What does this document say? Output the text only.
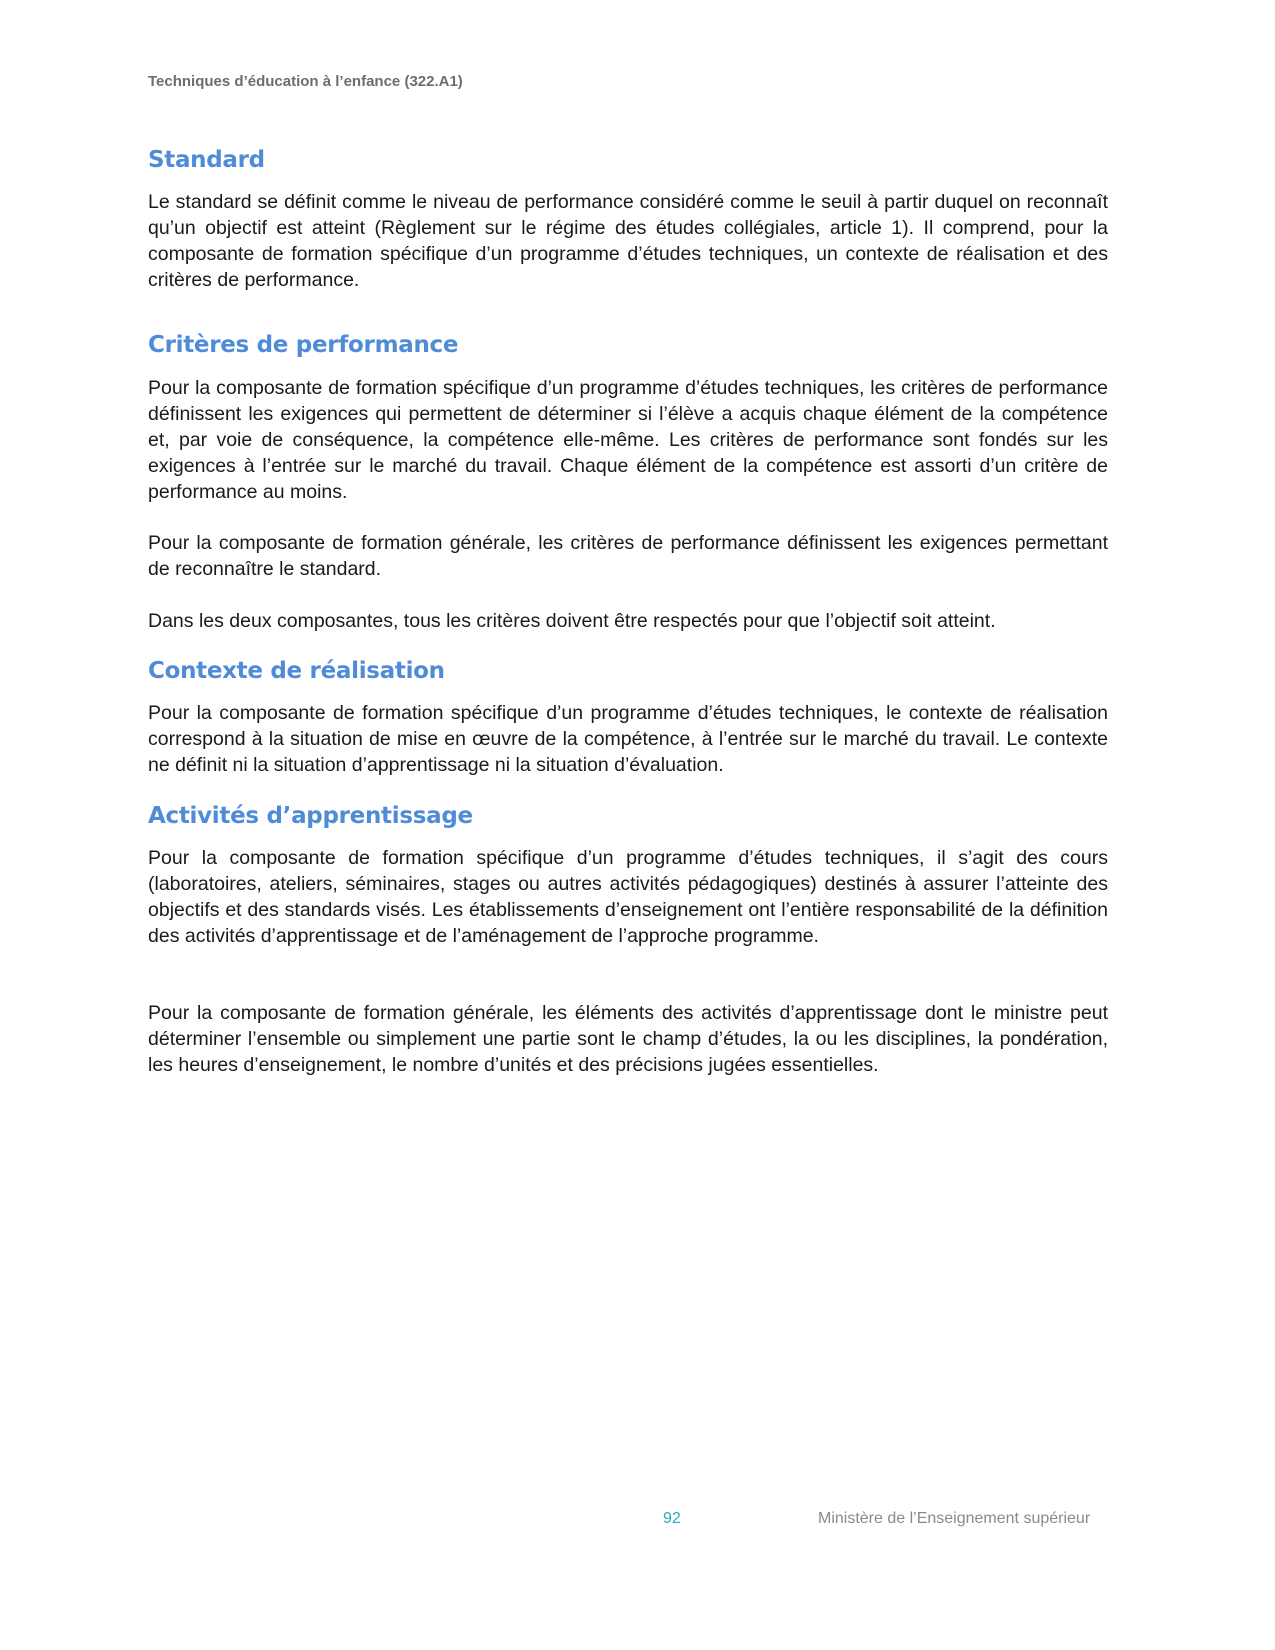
Techniques d’éducation à l’enfance (322.A1)
Standard
Le standard se définit comme le niveau de performance considéré comme le seuil à partir duquel on reconnaît qu’un objectif est atteint (Règlement sur le régime des études collégiales, article 1). Il comprend, pour la composante de formation spécifique d’un programme d’études techniques, un contexte de réalisation et des critères de performance.
Critères de performance
Pour la composante de formation spécifique d’un programme d’études techniques, les critères de performance définissent les exigences qui permettent de déterminer si l’élève a acquis chaque élément de la compétence et, par voie de conséquence, la compétence elle-même. Les critères de performance sont fondés sur les exigences à l’entrée sur le marché du travail. Chaque élément de la compétence est assorti d’un critère de performance au moins.
Pour la composante de formation générale, les critères de performance définissent les exigences permettant de reconnaître le standard.
Dans les deux composantes, tous les critères doivent être respectés pour que l’objectif soit atteint.
Contexte de réalisation
Pour la composante de formation spécifique d’un programme d’études techniques, le contexte de réalisation correspond à la situation de mise en œuvre de la compétence, à l’entrée sur le marché du travail. Le contexte ne définit ni la situation d’apprentissage ni la situation d’évaluation.
Activités d’apprentissage
Pour la composante de formation spécifique d’un programme d’études techniques, il s’agit des cours (laboratoires, ateliers, séminaires, stages ou autres activités pédagogiques) destinés à assurer l’atteinte des objectifs et des standards visés. Les établissements d’enseignement ont l’entière responsabilité de la définition des activités d’apprentissage et de l’aménagement de l’approche programme.
Pour la composante de formation générale, les éléments des activités d’apprentissage dont le ministre peut déterminer l’ensemble ou simplement une partie sont le champ d’études, la ou les disciplines, la pondération, les heures d’enseignement, le nombre d’unités et des précisions jugées essentielles.
92	Ministère de l’Enseignement supérieur
